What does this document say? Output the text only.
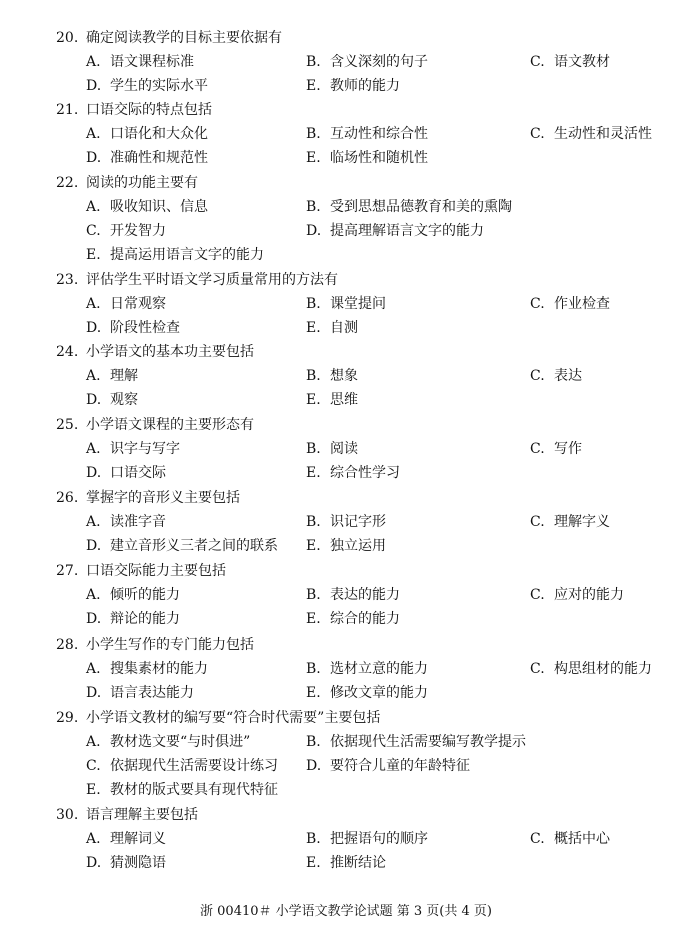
20. 确定阅读教学的目标主要依据有
A. 语文课程标准	B. 含义深刻的句子	C. 语文教材
D. 学生的实际水平	E. 教师的能力
21. 口语交际的特点包括
A. 口语化和大众化	B. 互动性和综合性	C. 生动性和灵活性
D. 准确性和规范性	E. 临场性和随机性
22. 阅读的功能主要有
A. 吸收知识、信息	B. 受到思想品德教育和美的熏陶
C. 开发智力	D. 提高理解语言文字的能力
E. 提高运用语言文字的能力
23. 评估学生平时语文学习质量常用的方法有
A. 日常观察	B. 课堂提问	C. 作业检查
D. 阶段性检查	E. 自测
24. 小学语文的基本功主要包括
A. 理解	B. 想象	C. 表达
D. 观察	E. 思维
25. 小学语文课程的主要形态有
A. 识字与写字	B. 阅读	C. 写作
D. 口语交际	E. 综合性学习
26. 掌握字的音形义主要包括
A. 读准字音	B. 识记字形	C. 理解字义
D. 建立音形义三者之间的联系 E. 独立运用
27. 口语交际能力主要包括
A. 倾听的能力	B. 表达的能力	C. 应对的能力
D. 辩论的能力	E. 综合的能力
28. 小学生写作的专门能力包括
A. 搜集素材的能力	B. 选材立意的能力	C. 构思组材的能力
D. 语言表达能力	E. 修改文章的能力
29. 小学语文教材的编写要“符合时代需要”主要包括
A. 教材选文要“与时俱进”	B. 依据现代生活需要编写教学提示
C. 依据现代生活需要设计练习 D. 要符合儿童的年龄特征
E. 教材的版式要具有现代特征
30. 语言理解主要包括
A. 理解词义	B. 把握语句的顺序	C. 概括中心
D. 猜测隐语	E. 推断结论
浙 00410＃ 小学语文教学论试题 第 3 页(共 4 页)
